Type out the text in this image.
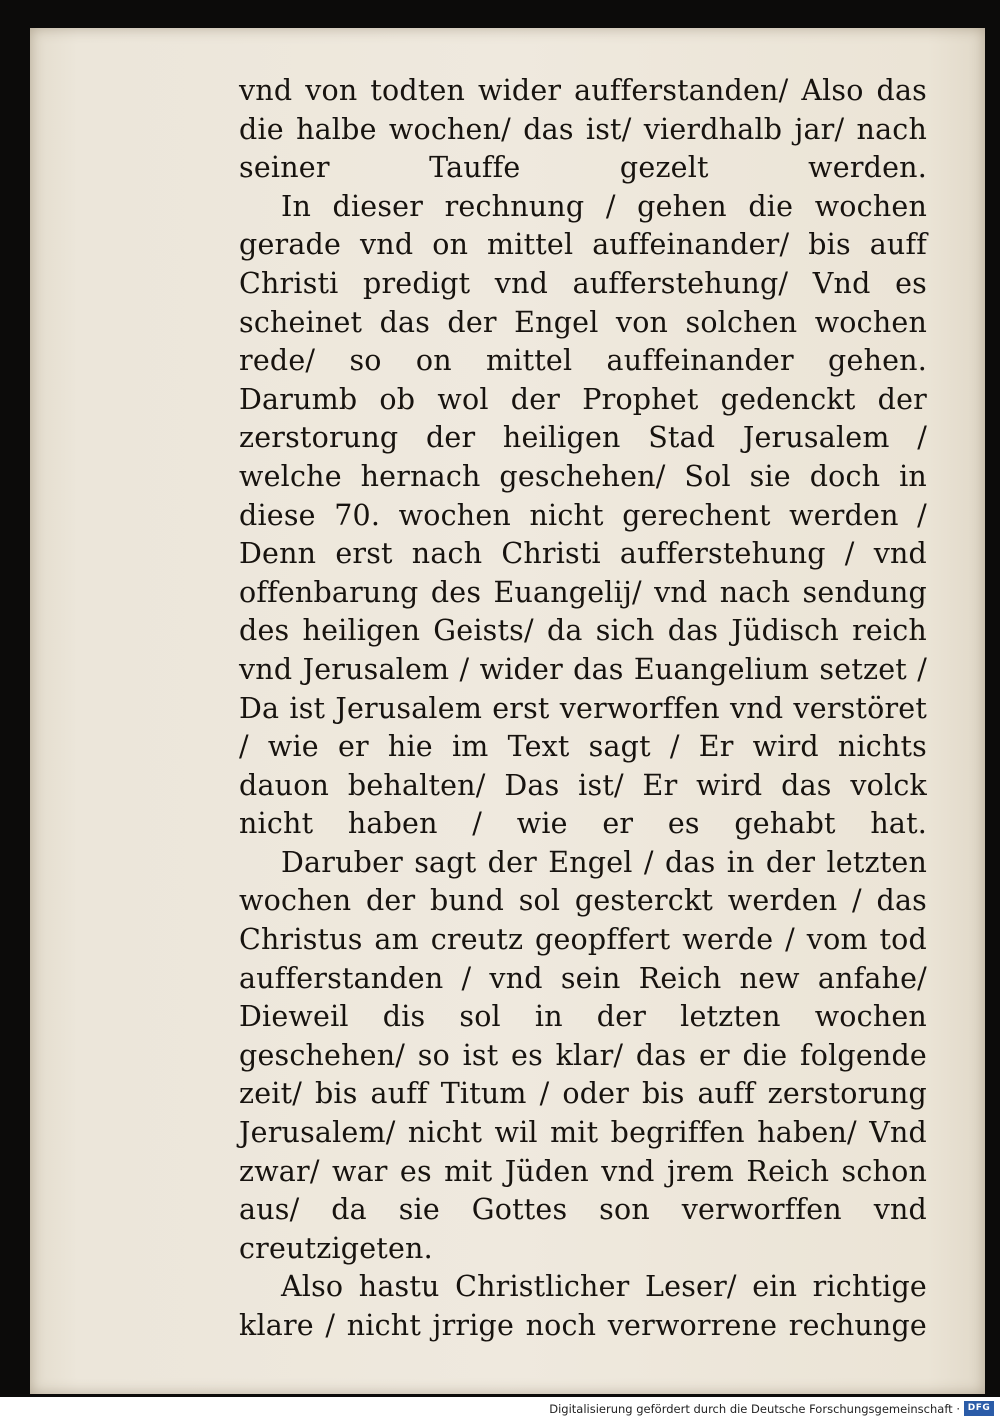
vnd von todten wider aufferstanden/ Also das die halbe wochen/ das ist/ vierdhalb jar/ nach seiner Tauffe gezelt werden.

In dieser rechnung / gehen die wochen gerade vnd on mittel auffeinander/ bis auff Christi predigt vnd aufferstehung/ Vnd es scheinet das der Engel von solchen wochen rede/ so on mittel auffeinander gehen. Darumb ob wol der Prophet gedenckt der zerstorung der heiligen Stad Jerusalem / welche hernach geschehen/ Sol sie doch in diese 70. wochen nicht gerechent werden / Denn erst nach Christi aufferstehung / vnd offenbarung des Euangelij/ vnd nach sendung des heiligen Geists/ da sich das Jüdisch reich vnd Jerusalem / wider das Euangelium setzet / Da ist Jerusalem erst verworffen vnd verstöret / wie er hie im Text sagt / Er wird nichts dauon behalten/ Das ist/ Er wird das volck nicht haben / wie er es gehabt hat.

Daruber sagt der Engel / das in der letzten wochen der bund sol gesterckt werden / das Christus am creutz geopffert werde / vom tod aufferstanden / vnd sein Reich new anfahe/ Dieweil dis sol in der letzten wochen geschehen/ so ist es klar/ das er die folgende zeit/ bis auff Titum / oder bis auff zerstorung Jerusalem/ nicht wil mit begriffen haben/ Vnd zwar/ war es mit Jüden vnd jrem Reich schon aus/ da sie Gottes son verworffen vnd creutzigeten.

Also hastu Christlicher Leser/ ein richtige klare / nicht jrrige noch verworrene rechunge

Digitalisierung gefördert durch die Deutsche Forschungsgemeinschaft · DFG
